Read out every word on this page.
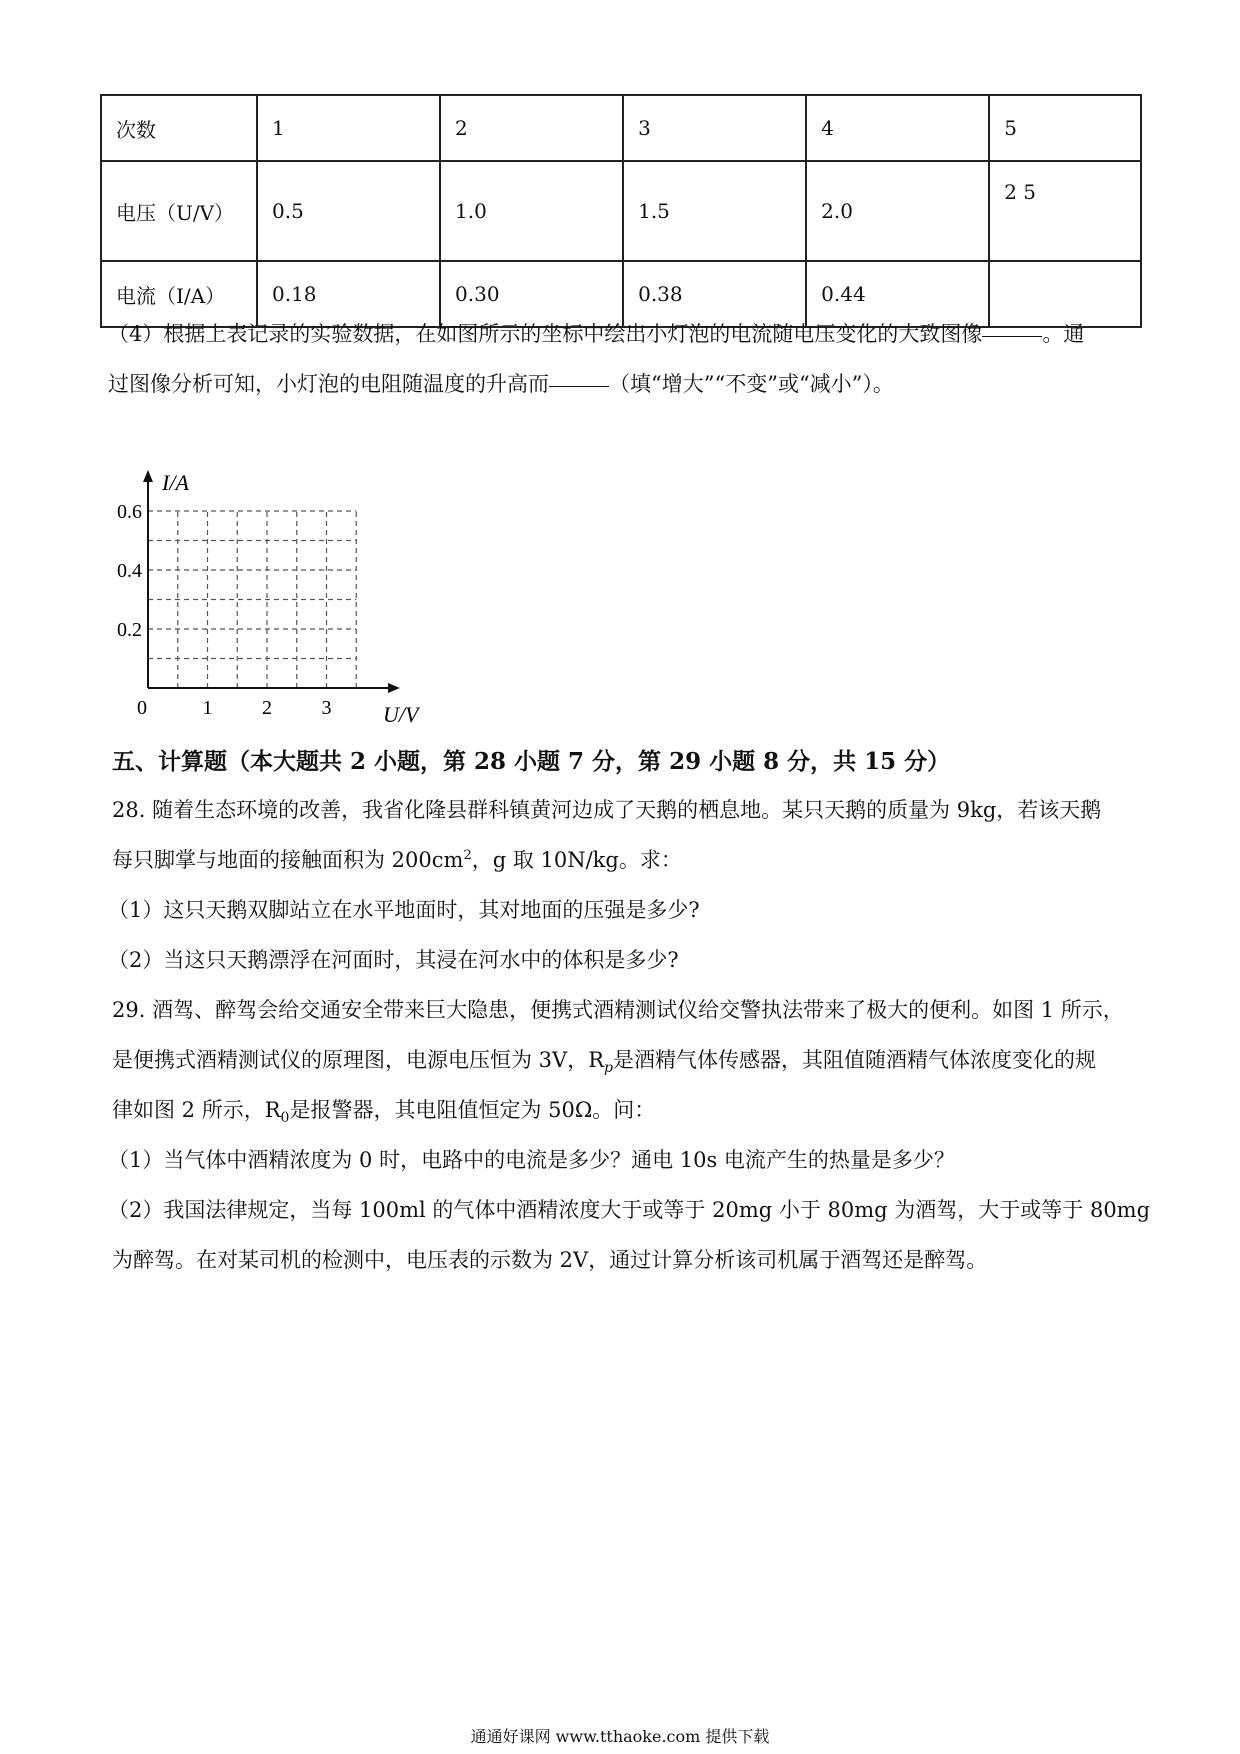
次数	1	2	3	4	5
电压（U/V）	0.5	1.0	1.5	2.0	2 5
电流（I/A）	0.18	0.30	0.38	0.44	
（4）根据上表记录的实验数据，在如图所示的坐标中绘出小灯泡的电流随电压变化的大致图像	。通
过图像分析可知，小灯泡的电阻随温度的升高而	（填“增大”“不变”或“减小”）。
0	1 2 3
0.2
0.4
0.6
I/A
U/V
五、计算题（本大题共 2 小题，第 28 小题 7 分，第 29 小题 8 分，共 15 分）
28. 随着生态环境的改善，我省化隆县群科镇黄河边成了天鹅的栖息地。某只天鹅的质量为 9kg，若该天鹅
每只脚掌与地面的接触面积为 $200cm^2$，g 取 10N/kg。求：
（1）这只天鹅双脚站立在水平地面时，其对地面的压强是多少?
（2）当这只天鹅漂浮在河面时，其浸在河水中的体积是多少?
29. 酒驾、醉驾会给交通安全带来巨大隐患，便携式酒精测试仪给交警执法带来了极大的便利。如图 1 所示，
是便携式酒精测试仪的原理图，电源电压恒为 3V，$R_p$是酒精气体传感器，其阻值随酒精气体浓度变化的规
律如图 2 所示，$R_0$是报警器，其电阻值恒定为 50Ω。问：
（1）当气体中酒精浓度为 0 时，电路中的电流是多少？通电 10s 电流产生的热量是多少？
（2）我国法律规定，当每 100ml 的气体中酒精浓度大于或等于 20mg 小于 80mg 为酒驾，大于或等于 80mg
为醉驾。在对某司机的检测中，电压表的示数为 2V，通过计算分析该司机属于酒驾还是醉驾。
通通好课网 www.tthaoke.com 提供下载
